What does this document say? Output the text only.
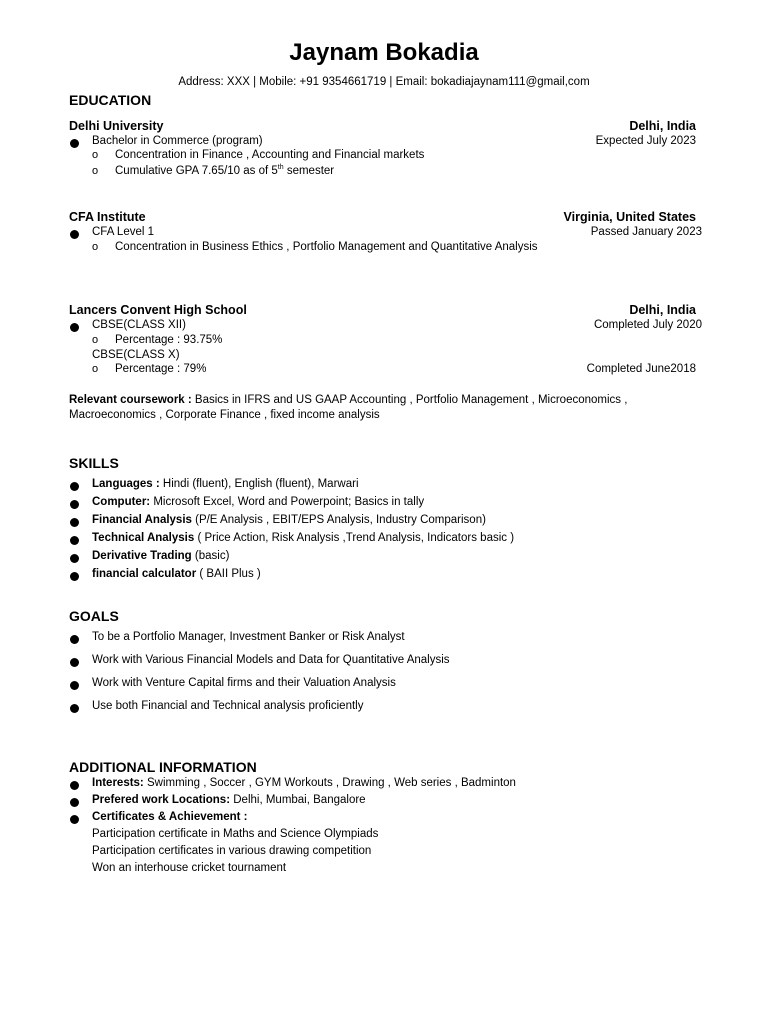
Jaynam Bokadia
Address: XXX | Mobile: +91 9354661719 | Email: bokadiajaynam111@gmail,com
EDUCATION
Delhi University	Delhi, India
Bachelor in Commerce (program)	Expected July 2023
o Concentration in Finance , Accounting and Financial markets
o Cumulative GPA 7.65/10 as of 5th semester
CFA Institute	Virginia, United States
CFA Level 1	Passed January 2023
o Concentration in Business Ethics , Portfolio Management and Quantitative Analysis
Lancers Convent High School	Delhi, India
CBSE(CLASS XII)	Completed July 2020
o Percentage : 93.75%
CBSE(CLASS X)
o Percentage : 79%	Completed June2018
Relevant coursework : Basics in IFRS and US GAAP Accounting , Portfolio Management , Microeconomics ,
Macroeconomics , Corporate Finance , fixed income analysis
SKILLS
Languages : Hindi (fluent), English (fluent), Marwari
Computer: Microsoft Excel, Word and Powerpoint; Basics in tally
Financial Analysis (P/E Analysis , EBIT/EPS Analysis, Industry Comparison)
Technical Analysis ( Price Action, Risk Analysis ,Trend Analysis, Indicators basic )
Derivative Trading (basic)
financial calculator ( BAII Plus )
GOALS
To be a Portfolio Manager, Investment Banker or Risk Analyst
Work with Various Financial Models and Data for Quantitative Analysis
Work with Venture Capital firms and their Valuation Analysis
Use both Financial and Technical analysis proficiently
ADDITIONAL INFORMATION
Interests: Swimming , Soccer , GYM Workouts , Drawing , Web series , Badminton
Prefered work Locations: Delhi, Mumbai, Bangalore
Certificates & Achievement :
Participation certificate in Maths and Science Olympiads
Participation certificates in various drawing competition
Won an interhouse cricket tournament
